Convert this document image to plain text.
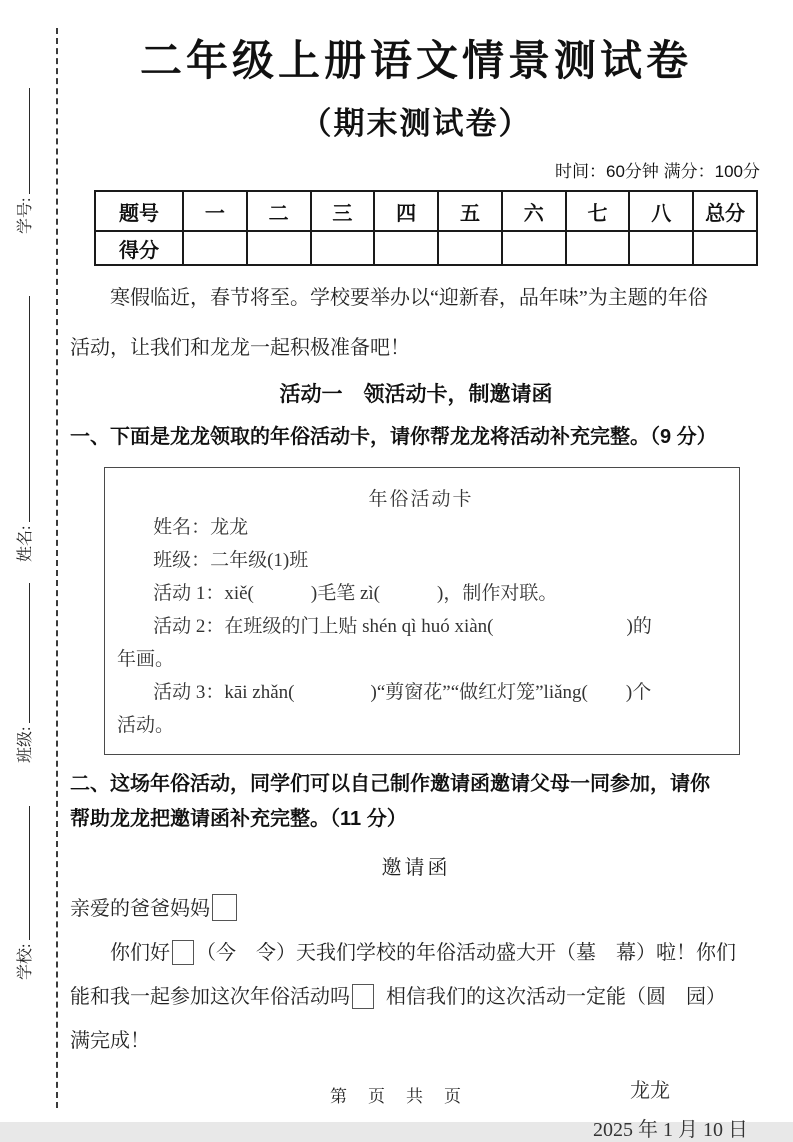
学号:
姓名:
班级:
学校:
二年级上册语文情景测试卷
（期末测试卷）
时间：60分钟 满分：100分
题号	一	二	三	四	五	六	七	八	总分
得分									

寒假临近，春节将至。学校要举办以“迎新春，品年味”为主题的年俗

活动，让我们和龙龙一起积极准备吧！

活动一　领活动卡，制邀请函

一、下面是龙龙领取的年俗活动卡，请你帮龙龙将活动补充完整。（9 分）

年俗活动卡

姓名：龙龙

班级：二年级(1)班

活动 1：xiě(　　　)毛笔 zì(　　　)，制作对联。

活动 2：在班级的门上贴 shén qì huó xiàn(　　　　　　　)的

年画。

活动 3：kāi zhǎn(　　　　)“剪窗花”“做红灯笼”liǎng(　　)个

活动。

二、这场年俗活动，同学们可以自己制作邀请函邀请父母一同参加，请你

帮助龙龙把邀请函补充完整。（11 分）

邀请函

亲爱的爸爸妈妈

你们好 （今　令）天我们学校的年俗活动盛大开（墓　幕）啦！你们

能和我一起参加这次年俗活动吗 相信我们的这次活动一定能（圆　园）

满完成！

龙龙
2025 年 1 月 10 日
第　页　共　页
